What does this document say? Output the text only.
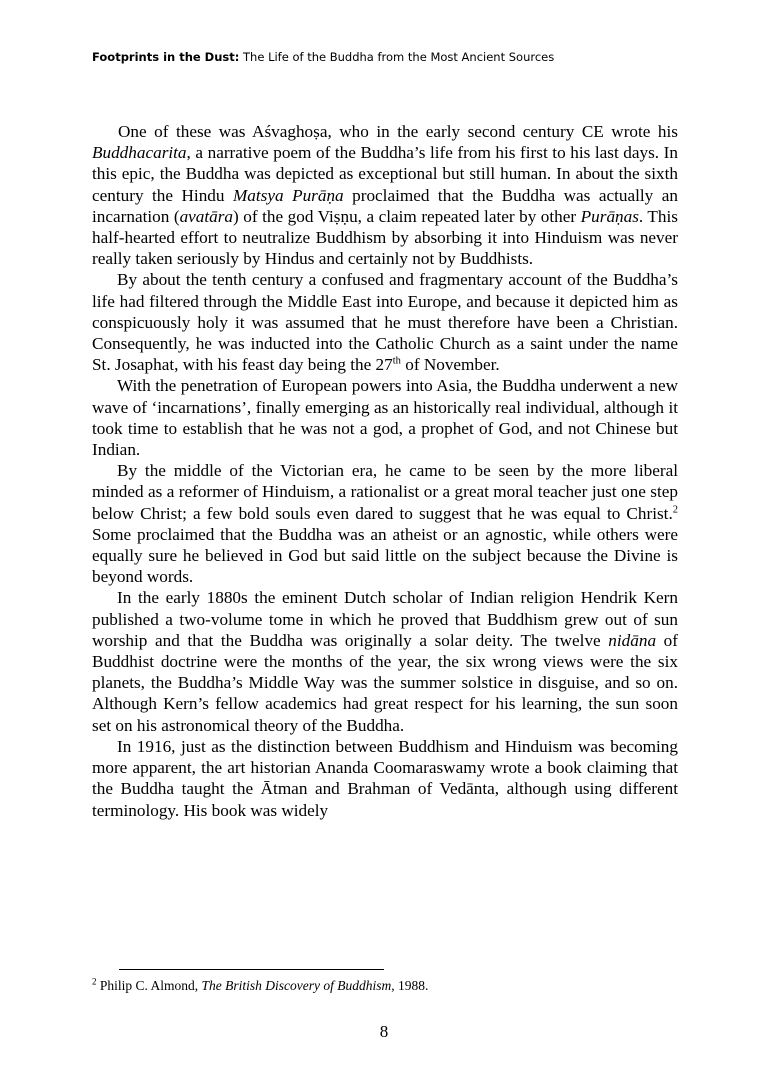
Footprints in the Dust: The Life of the Buddha from the Most Ancient Sources

One of these was Aśvaghoṣa, who in the early second century CE wrote his Buddhacarita, a narrative poem of the Buddha’s life from his first to his last days. In this epic, the Buddha was depicted as exceptional but still human. In about the sixth century the Hindu Matsya Purāṇa proclaimed that the Buddha was actually an incarnation (avatāra) of the god Viṣṇu, a claim repeated later by other Purāṇas. This half-hearted effort to neutralize Buddhism by absorbing it into Hinduism was never really taken seriously by Hindus and certainly not by Buddhists.

By about the tenth century a confused and fragmentary account of the Buddha’s life had filtered through the Middle East into Europe, and because it depicted him as conspicuously holy it was assumed that he must therefore have been a Christian. Consequently, he was inducted into the Catholic Church as a saint under the name St. Josaphat, with his feast day being the 27th of November.

With the penetration of European powers into Asia, the Buddha underwent a new wave of ‘incarnations’, finally emerging as an historically real individual, although it took time to establish that he was not a god, a prophet of God, and not Chinese but Indian.

By the middle of the Victorian era, he came to be seen by the more liberal minded as a reformer of Hinduism, a rationalist or a great moral teacher just one step below Christ; a few bold souls even dared to suggest that he was equal to Christ.$^2$ Some proclaimed that the Buddha was an atheist or an agnostic, while others were equally sure he believed in God but said little on the subject because the Divine is beyond words.

In the early 1880s the eminent Dutch scholar of Indian religion Hendrik Kern published a two-volume tome in which he proved that Buddhism grew out of sun worship and that the Buddha was originally a solar deity. The twelve nidāna of Buddhist doctrine were the months of the year, the six wrong views were the six planets, the Buddha’s Middle Way was the summer solstice in disguise, and so on. Although Kern’s fellow academics had great respect for his learning, the sun soon set on his astronomical theory of the Buddha.

In 1916, just as the distinction between Buddhism and Hinduism was becoming more apparent, the art historian Ananda Coomaraswamy wrote a book claiming that the Buddha taught the Ātman and Brahman of Vedānta, although using different terminology. His book was widely

$^2$ Philip C. Almond, The British Discovery of Buddhism, 1988.
8
